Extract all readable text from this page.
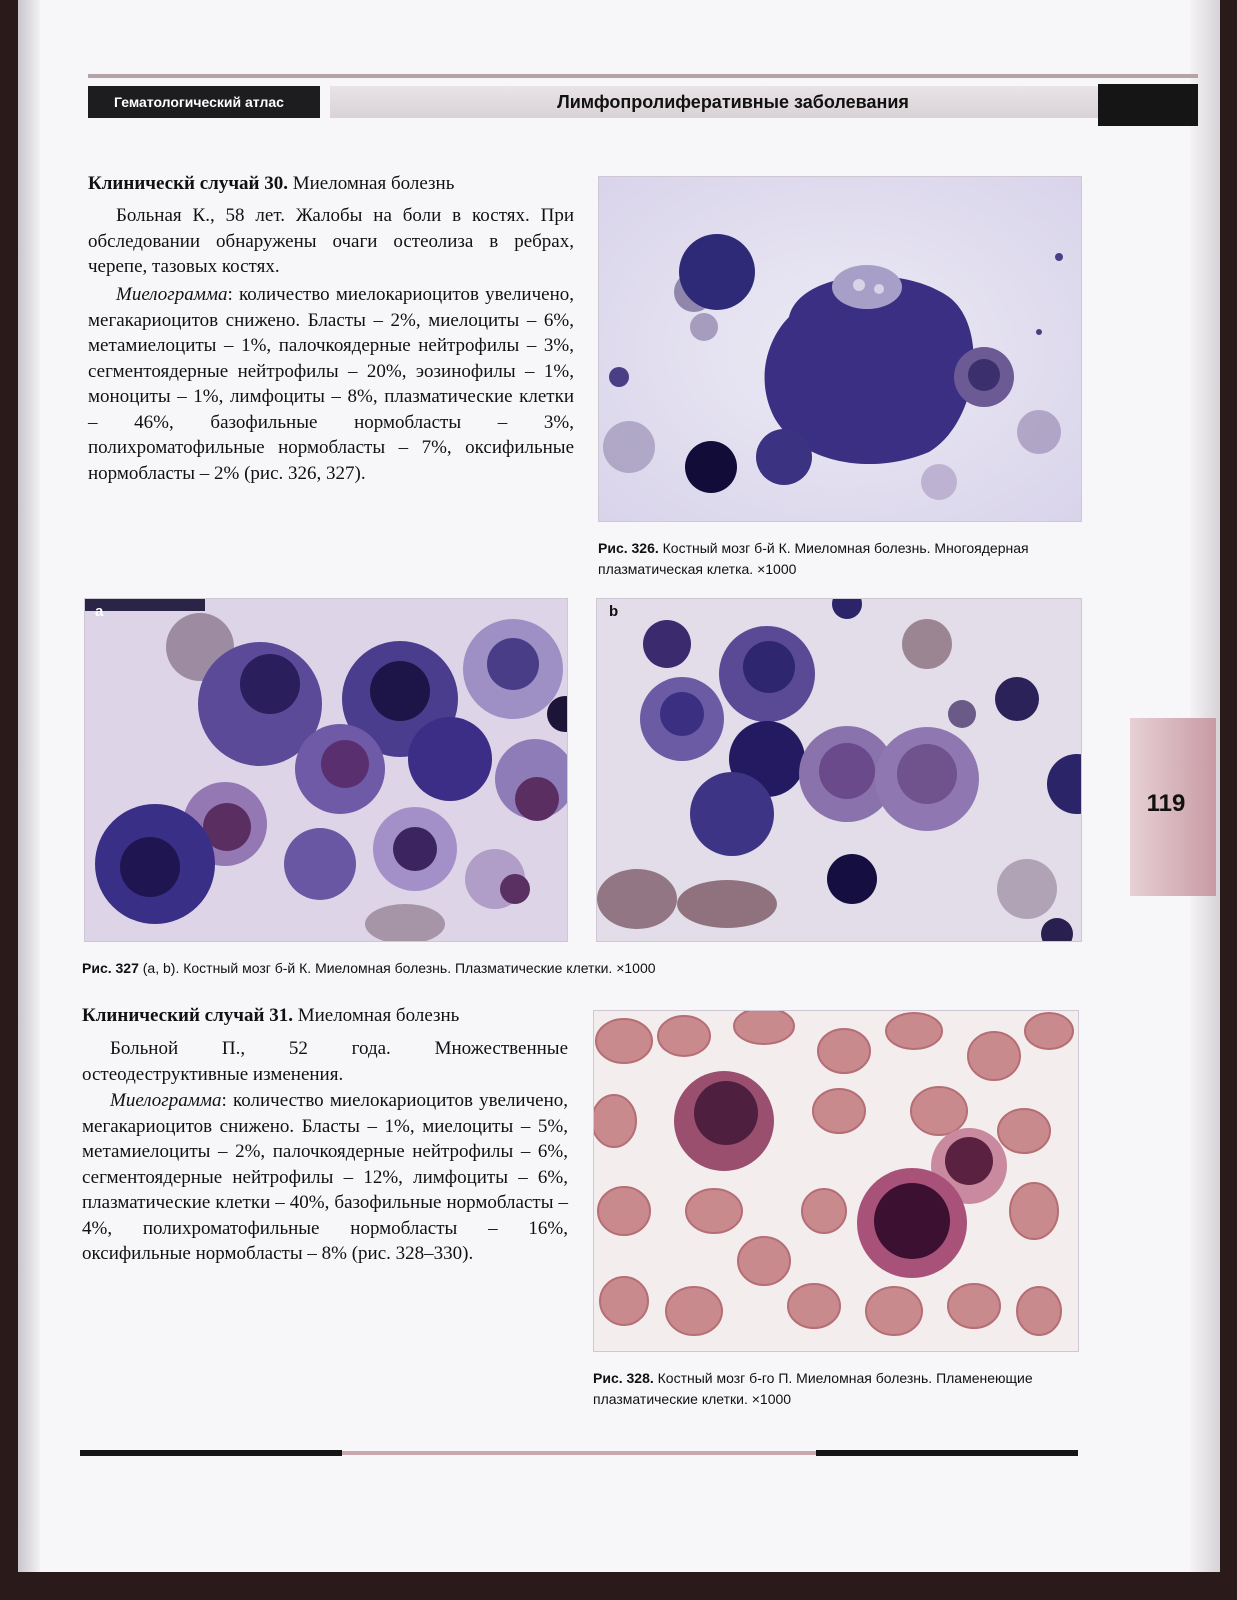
Гематологический атлас	Лимфопролиферативные заболевания
Клиническй случай 30. Миеломная болезнь

Больная К., 58 лет. Жалобы на боли в костях. При обследовании обнаружены очаги остеолиза в ребрах, черепе, тазовых костях.

Миелограмма: количество миелокариоцитов увеличено, мегакариоцитов снижено. Бласты – 2%, миелоциты – 6%, метамиелоциты – 1%, палочкоядерные нейтрофилы – 3%, сегментоядерные нейтрофилы – 20%, эозинофилы – 1%, моноциты – 1%, лимфоциты – 8%, плазматические клетки – 46%, базофильные нормобласты – 3%, полихроматофильные нормобласты – 7%, оксифильные нормобласты – 2% (рис. 326, 327).

Рис. 326. Костный мозг б-й К. Миеломная болезнь. Многоядерная плазматическая клетка. ×1000
a	b
Рис. 327 (a, b). Костный мозг б-й К. Миеломная болезнь. Плазматические клетки. ×1000
Клинический случай 31. Миеломная болезнь

Больной П., 52 года. Множественные остеодеструктивные изменения.

Миелограмма: количество миелокариоцитов увеличено, мегакариоцитов снижено. Бласты – 1%, миелоциты – 5%, метамиелоциты – 2%, палочкоядерные нейтрофилы – 6%, сегментоядерные нейтрофилы – 12%, лимфоциты – 6%, плазматические клетки – 40%, базофильные нормобласты – 4%, полихроматофильные нормобласты – 16%, оксифильные нормобласты – 8% (рис. 328–330).

Рис. 328. Костный мозг б-го П. Миеломная болезнь. Пламенеющие плазматические клетки. ×1000
119
